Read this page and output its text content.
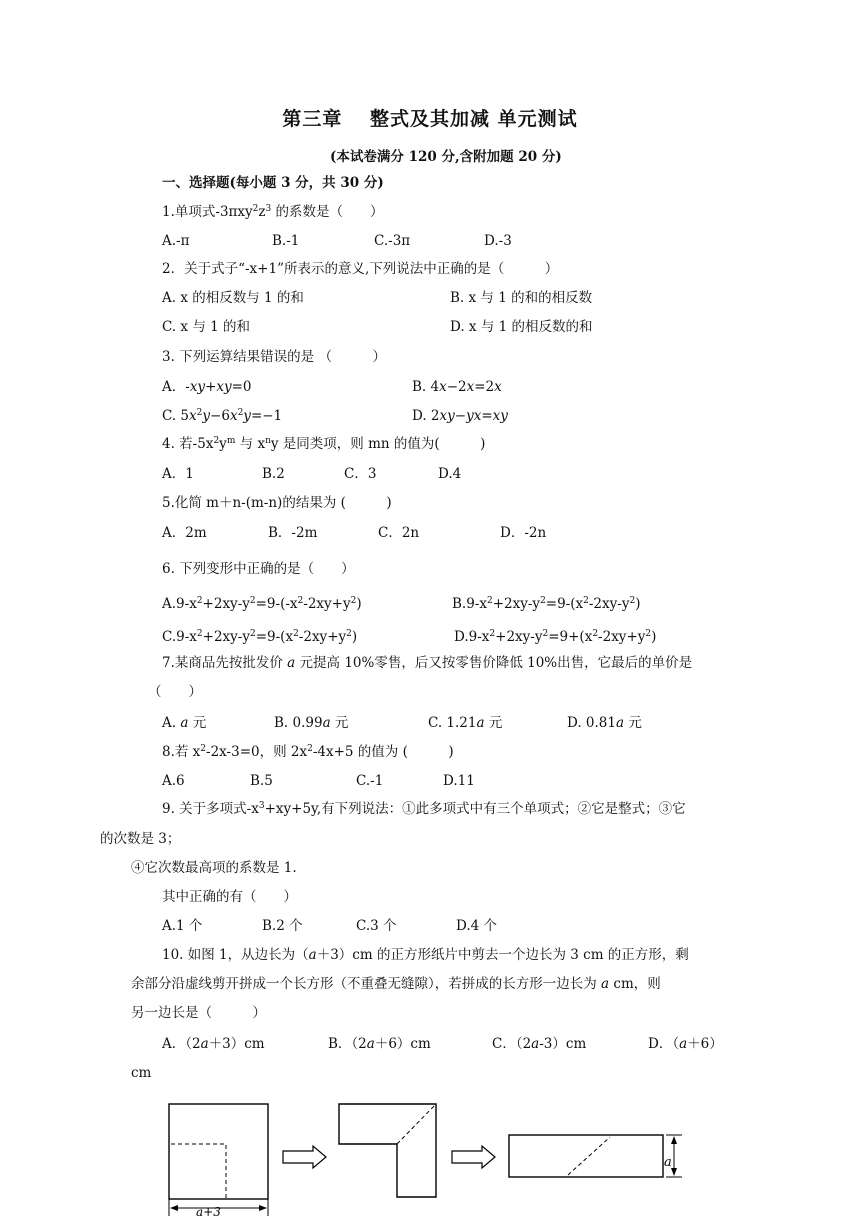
第三章　 整式及其加减 单元测试
(本试卷满分 120 分,含附加题 20 分)
一、选择题(每小题 3 分，共 30 分)
1.单项式$-3\pi xy^2z^3$ 的系数是（　　）
A.-π	B.-1	C.-3π	D.-3
2．关于式子“-x+1”所表示的意义,下列说法中正确的是（　　　）
A. x 的相反数与 1 的和	B. x 与 1 的和的相反数
C. x 与 1 的和	D. x 与 1 的相反数的和
3. 下列运算结果错误的是 （　　　）
A．-xy+xy=0	B. 4x−2x=2x
C. $5x^2y-6x^2y=-1$	D. 2xy−yx=xy
4. 若$-5x^2y^m$ 与 $x^ny$ 是同类项，则 mn 的值为(　　　)
A．1	B.2	C．3	D.4
5.化简 m＋n-(m-n)的结果为 (　　　)
A．2m	B．-2m	C．2n	D．-2n
6. 下列变形中正确的是（　　）
$A.9-x^2+2xy-y^2=9-(-x^2-2xy+y^2)$	$B.9-x^2+2xy-y^2=9-(x^2-2xy-y^2)$
$C.9-x^2+2xy-y^2=9-(x^2-2xy+y^2)$	$D.9-x^2+2xy-y^2=9+(x^2-2xy+y^2)$
7.某商品先按批发价 a 元提高 10%零售，后又按零售价降低 10%出售，它最后的单价是
（　　）
A. a 元	B. 0.99a 元	C. 1.21a 元	D. 0.81a 元
8.若 $x^2-2x-3=0$，则 $2x^2-4x+5$ 的值为 (　　　)
A.6	B.5	C.-1	D.11
9. 关于多项式$-x^3+xy+5y$,有下列说法：①此多项式中有三个单项式；②它是整式；③它
的次数是 3；
④它次数最高项的系数是 1.
其中正确的有（　　）
A.1 个	B.2 个	C.3 个	D.4 个
10. 如图 1，从边长为（a＋3）cm 的正方形纸片中剪去一个边长为 3 cm 的正方形，剩
余部分沿虚线剪开拼成一个长方形（不重叠无缝隙），若拼成的长方形一边长为 a cm，则
另一边长是（　　　）
A．（2a＋3）cm	B．（2a＋6）cm	C．（2a-3）cm	D．（a＋6）
cm
a+3
a
